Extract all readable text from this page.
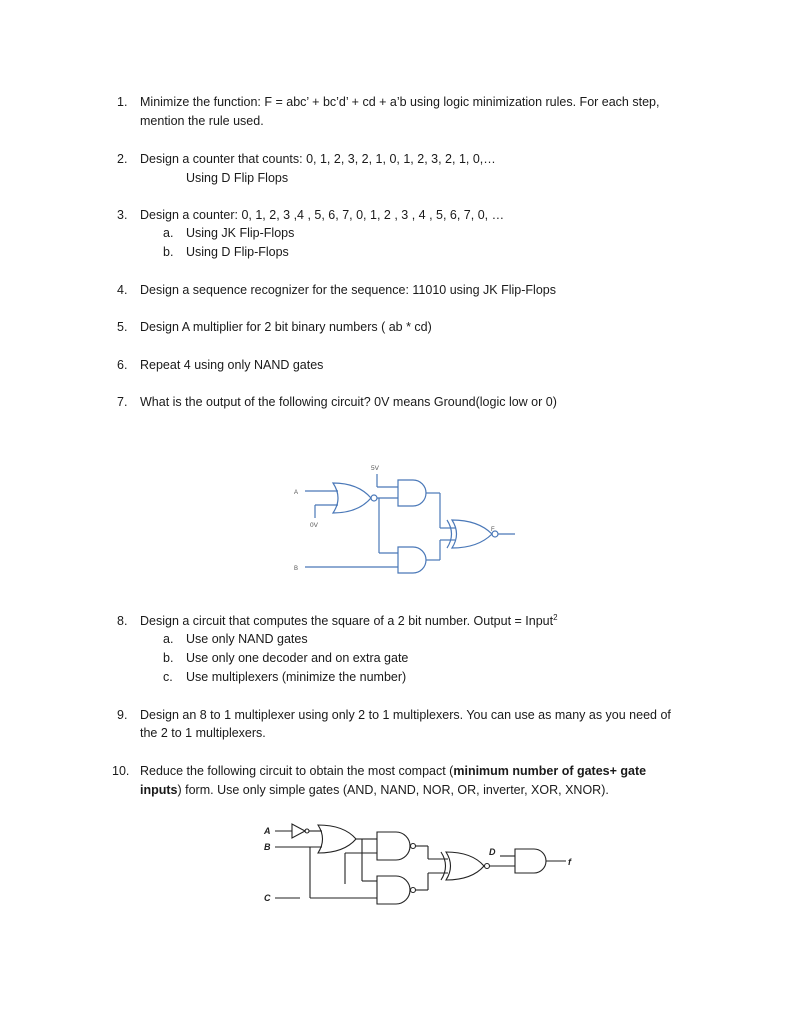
1. Minimize the function: F = abc’ + bc’d’ + cd + a’b using logic minimization rules. For each step,
mention the rule used.
2. Design a counter that counts: 0, 1, 2, 3, 2, 1, 0, 1, 2, 3, 2, 1, 0,…
Using D Flip Flops
3. Design a counter: 0, 1, 2, 3 ,4 , 5, 6, 7, 0, 1, 2 , 3 , 4 , 5, 6, 7, 0, …
a. Using JK Flip-Flops
b. Using D Flip-Flops
4. Design a sequence recognizer for the sequence: 11010 using JK Flip-Flops
5. Design A multiplier for 2 bit binary numbers ( ab * cd)
6. Repeat 4 using only NAND gates
7. What is the output of the following circuit? 0V means Ground(logic low or 0)
A
B
5V
0V
F
8. Design a circuit that computes the square of a 2 bit number. Output = Input$^2$
a. Use only NAND gates
b. Use only one decoder and on extra gate
c. Use multiplexers (minimize the number)
9. Design an 8 to 1 multiplexer using only 2 to 1 multiplexers. You can use as many as you need of
the 2 to 1 multiplexers.
10. Reduce the following circuit to obtain the most compact (minimum number of gates+ gate
inputs) form. Use only simple gates (AND, NAND, NOR, OR, inverter, XOR, XNOR).
A
B
C
D
f
